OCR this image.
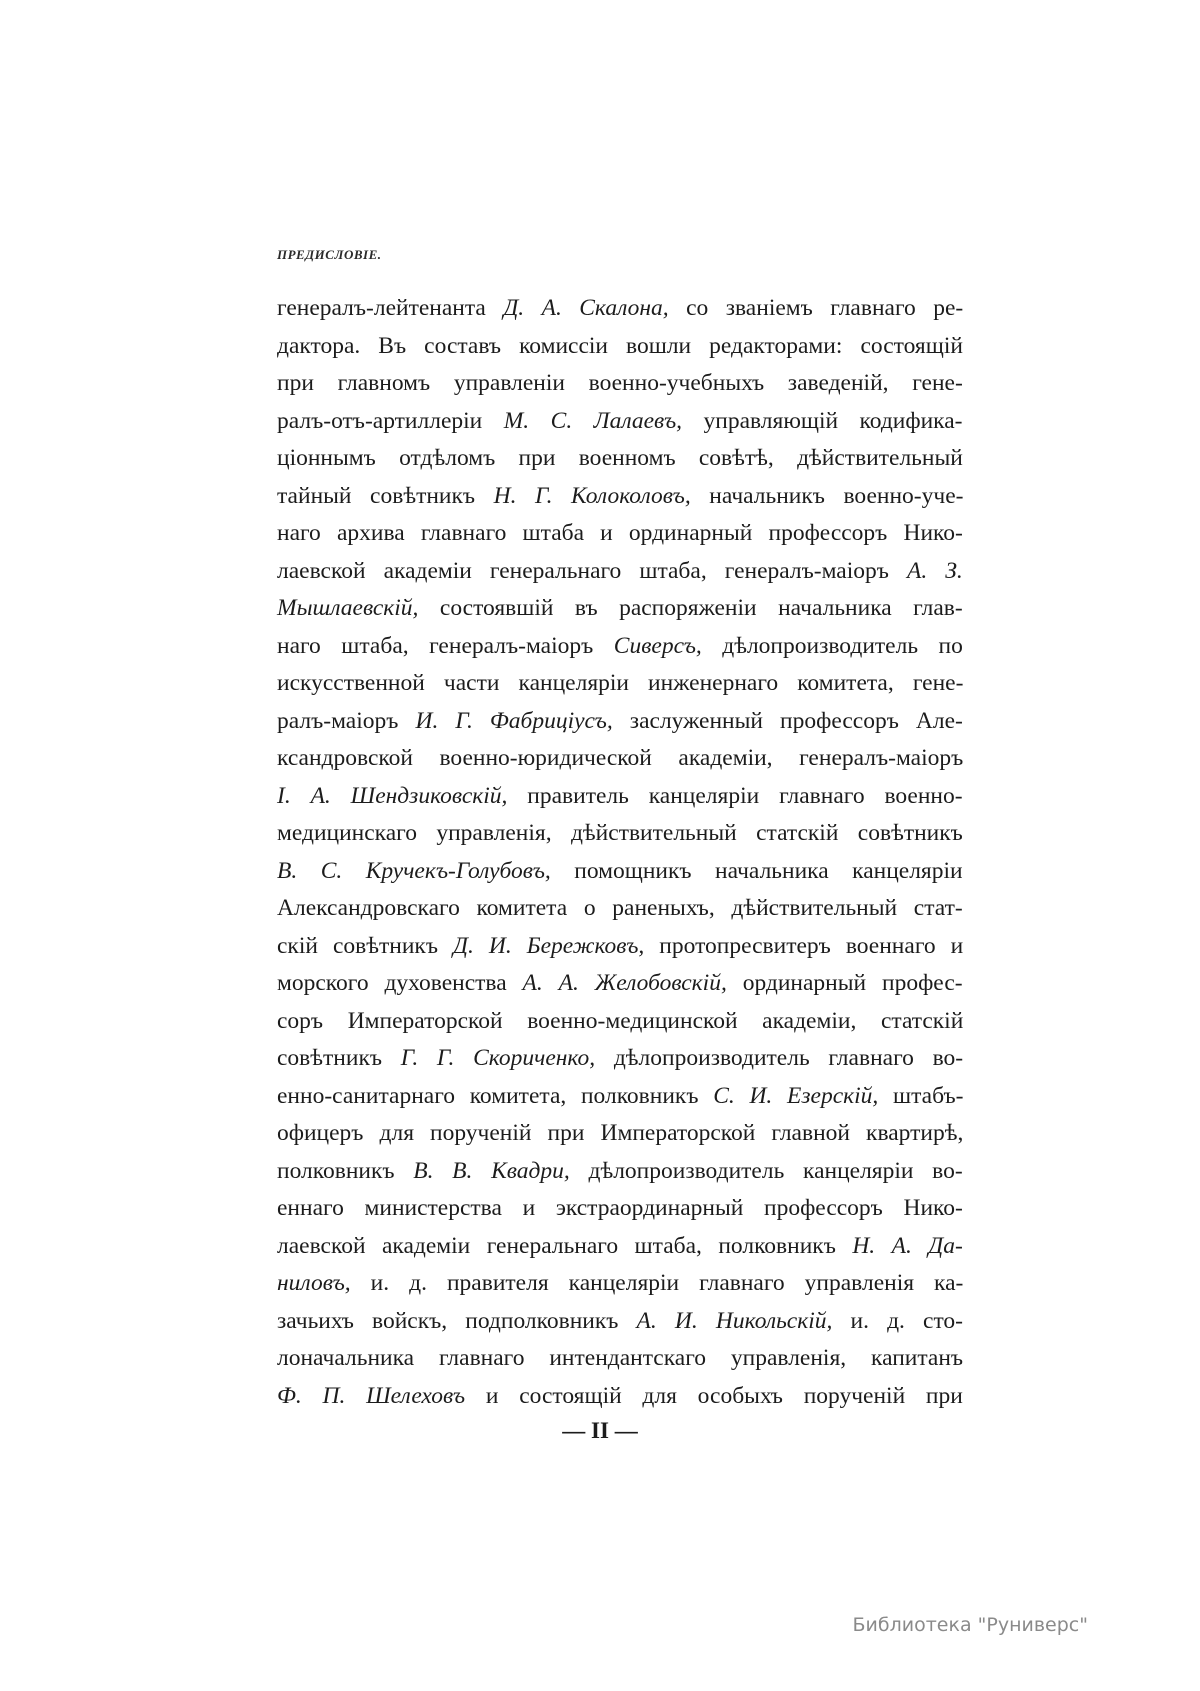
ПРЕДИСЛОВІЕ.
генералъ-лейтенанта Д. А. Скалона, со званіемъ главнаго ре-
дактора. Въ составъ комиссіи вошли редакторами: состоящій
при главномъ управленіи военно-учебныхъ заведеній, гене-
ралъ-отъ-артиллеріи М. С. Лалаевъ, управляющій кодифика-
ціоннымъ отдѣломъ при военномъ совѣтѣ, дѣйствительный
тайный совѣтникъ Н. Г. Колоколовъ, начальникъ военно-уче-
наго архива главнаго штаба и ординарный профессоръ Нико-
лаевской академіи генеральнаго штаба, генералъ-маіоръ А. З.
Мышлаевскій, состоявшій въ распоряженіи начальника глав-
наго штаба, генералъ-маіоръ Сиверсъ, дѣлопроизводитель по
искусственной части канцеляріи инженернаго комитета, гене-
ралъ-маіоръ И. Г. Фабриціусъ, заслуженный профессоръ Але-
ксандровской военно-юридической академіи, генералъ-маіоръ
І. А. Шендзиковскій, правитель канцеляріи главнаго военно-
медицинскаго управленія, дѣйствительный статскій совѣтникъ
В. С. Кручекъ-Голубовъ, помощникъ начальника канцеляріи
Александровскаго комитета о раненыхъ, дѣйствительный стат-
скій совѣтникъ Д. И. Бережковъ, протопресвитеръ военнаго и
морского духовенства А. А. Желобовскій, ординарный профес-
соръ Императорской военно-медицинской академіи, статскій
совѣтникъ Г. Г. Скориченко, дѣлопроизводитель главнаго во-
енно-санитарнаго комитета, полковникъ С. И. Езерскій, штабъ-
офицеръ для порученій при Императорской главной квартирѣ,
полковникъ В. В. Квадри, дѣлопроизводитель канцеляріи во-
еннаго министерства и экстраординарный профессоръ Нико-
лаевской академіи генеральнаго штаба, полковникъ Н. А. Да-
ниловъ, и. д. правителя канцеляріи главнаго управленія ка-
зачьихъ войскъ, подполковникъ А. И. Никольскій, и. д. сто-
лоначальника главнаго интендантскаго управленія, капитанъ
Ф. П. Шелеховъ и состоящій для особыхъ порученій при
— II —
Библиотека "Руниверс"
